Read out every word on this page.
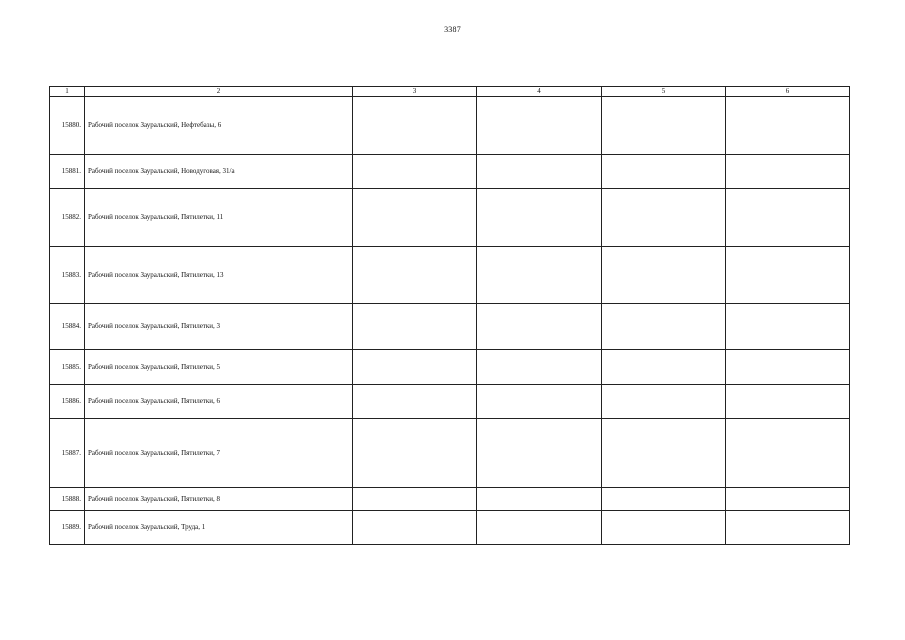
3387
1	2	3	4	5	6
15880.	Рабочий поселок Зауральский, Нефтебазы, 6				
15881.	Рабочий поселок Зауральский, Новодуговая, 31/а				
15882.	Рабочий поселок Зауральский, Пятилетки, 11				
15883.	Рабочий поселок Зауральский, Пятилетки, 13				
15884.	Рабочий поселок Зауральский, Пятилетки, 3				
15885.	Рабочий поселок Зауральский, Пятилетки, 5				
15886.	Рабочий поселок Зауральский, Пятилетки, 6				
15887.	Рабочий поселок Зауральский, Пятилетки, 7				
15888.	Рабочий поселок Зауральский, Пятилетки, 8				
15889.	Рабочий поселок Зауральский, Труда, 1				
